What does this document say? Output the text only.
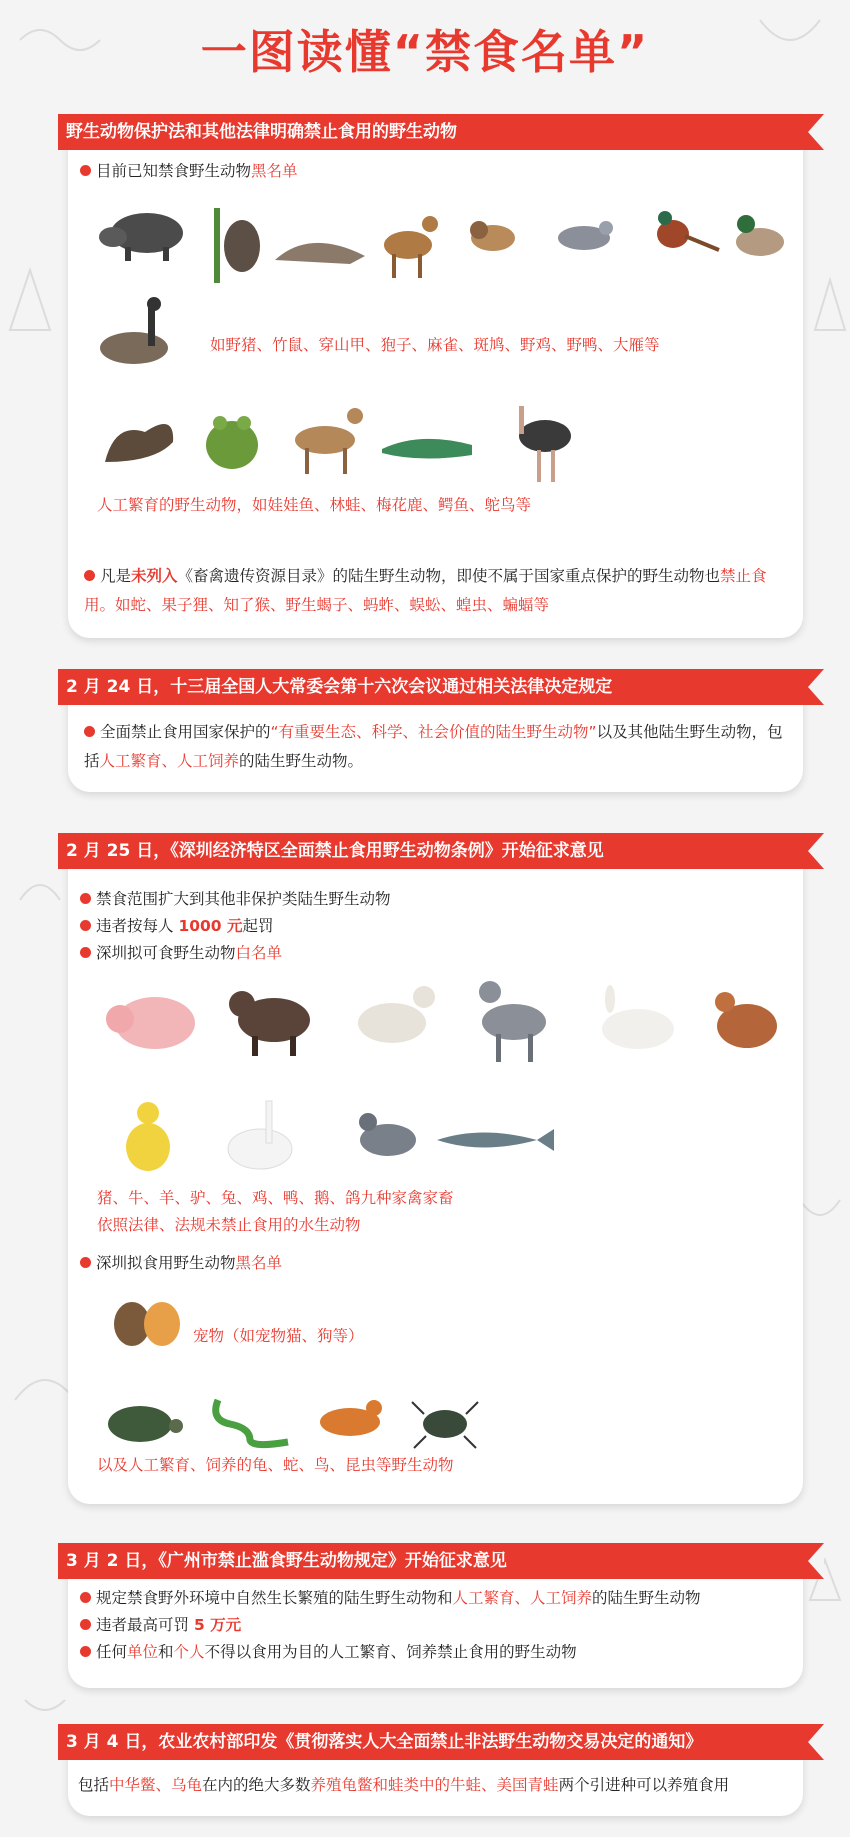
一图读懂“禁食名单”
野生动物保护法和其他法律明确禁止食用的野生动物
目前已知禁食野生动物黑名单
如野猪、竹鼠、穿山甲、狍子、麻雀、斑鸠、野鸡、野鸭、大雁等
人工繁育的野生动物，如娃娃鱼、林蛙、梅花鹿、鳄鱼、鸵鸟等
凡是未列入《畜禽遗传资源目录》的陆生野生动物，即使不属于国家重点保护的野生动物也禁止食用。如蛇、果子狸、知了猴、野生蝎子、蚂蚱、蜈蚣、蝗虫、蝙蝠等
2 月 24 日，十三届全国人大常委会第十六次会议通过相关法律决定规定
全面禁止食用国家保护的“有重要生态、科学、社会价值的陆生野生动物”以及其他陆生野生动物，包括人工繁育、人工饲养的陆生野生动物。
2 月 25 日，《深圳经济特区全面禁止食用野生动物条例》开始征求意见
禁食范围扩大到其他非保护类陆生野生动物
违者按每人 1000 元起罚
深圳拟可食野生动物白名单
猪、牛、羊、驴、兔、鸡、鸭、鹅、鸽九种家禽家畜
依照法律、法规未禁止食用的水生动物
深圳拟食用野生动物黑名单
宠物（如宠物猫、狗等）
以及人工繁育、饲养的龟、蛇、鸟、昆虫等野生动物
3 月 2 日，《广州市禁止滥食野生动物规定》开始征求意见
规定禁食野外环境中自然生长繁殖的陆生野生动物和人工繁育、人工饲养的陆生野生动物
违者最高可罚 5 万元
任何单位和个人不得以食用为目的人工繁育、饲养禁止食用的野生动物
3 月 4 日，农业农村部印发《贯彻落实人大全面禁止非法野生动物交易决定的通知》
包括中华鳖、乌龟在内的绝大多数养殖龟鳖和蛙类中的牛蛙、美国青蛙两个引进种可以养殖食用
